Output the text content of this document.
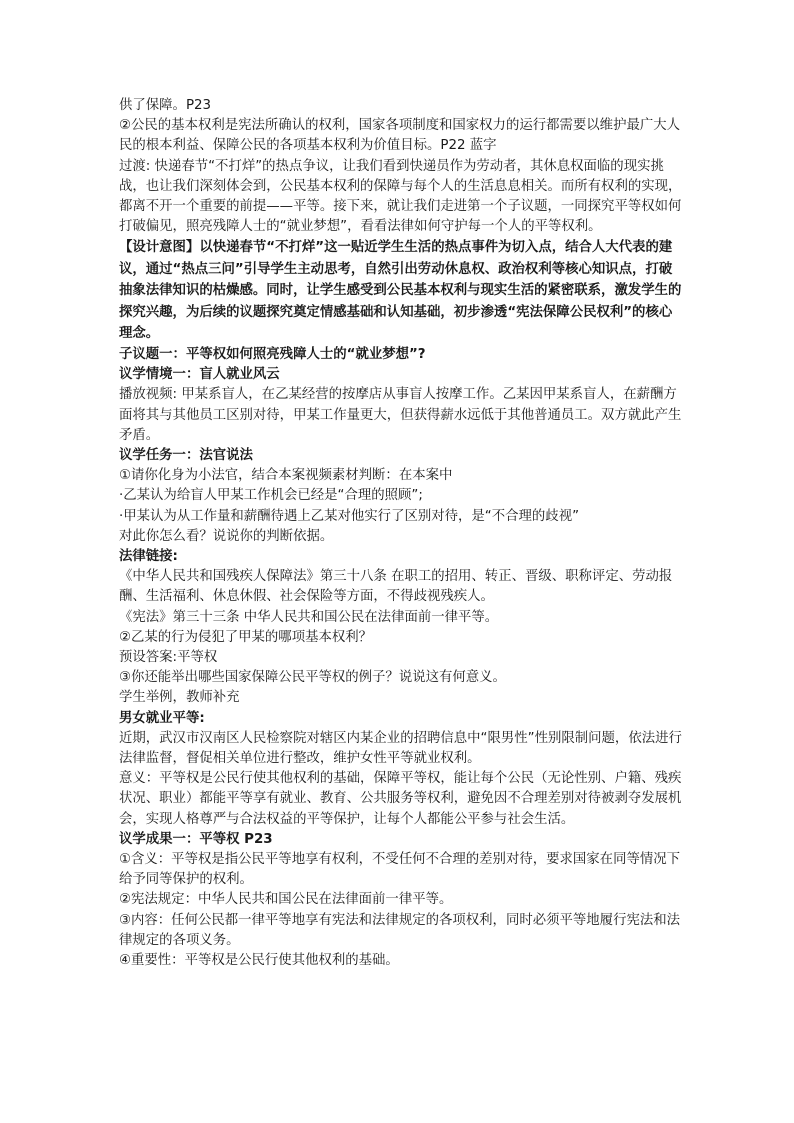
供了保障。P23

②公民的基本权利是宪法所确认的权利，国家各项制度和国家权力的运行都需要以维护最广大人民的根本利益、保障公民的各项基本权利为价值目标。P22 蓝字

过渡: 快递春节“不打烊”的热点争议，让我们看到快递员作为劳动者，其休息权面临的现实挑战，也让我们深刻体会到，公民基本权利的保障与每个人的生活息息相关。而所有权利的实现，都离不开一个重要的前提——平等。接下来，就让我们走进第一个子议题，一同探究平等权如何打破偏见，照亮残障人士的“就业梦想”，看看法律如何守护每一个人的平等权利。

【设计意图】以快递春节“不打烊”这一贴近学生生活的热点事件为切入点，结合人大代表的建议，通过“热点三问”引导学生主动思考，自然引出劳动休息权、政治权利等核心知识点，打破抽象法律知识的枯燥感。同时，让学生感受到公民基本权利与现实生活的紧密联系，激发学生的探究兴趣，为后续的议题探究奠定情感基础和认知基础，初步渗透“宪法保障公民权利”的核心理念。

子议题一：平等权如何照亮残障人士的“就业梦想”?

议学情境一：盲人就业风云

播放视频: 甲某系盲人，在乙某经营的按摩店从事盲人按摩工作。乙某因甲某系盲人，在薪酬方面将其与其他员工区别对待，甲某工作量更大，但获得薪水远低于其他普通员工。双方就此产生矛盾。

议学任务一：法官说法

①请你化身为小法官，结合本案视频素材判断：在本案中

·乙某认为给盲人甲某工作机会已经是“合理的照顾”;

·甲某认为从工作量和薪酬待遇上乙某对他实行了区别对待，是“不合理的歧视”

对此你怎么看？说说你的判断依据。

法律链接:

《中华人民共和国残疾人保障法》第三十八条 在职工的招用、转正、晋级、职称评定、劳动报酬、生活福利、休息休假、社会保险等方面，不得歧视残疾人。

《宪法》第三十三条 中华人民共和国公民在法律面前一律平等。

②乙某的行为侵犯了甲某的哪项基本权利？

预设答案:平等权

③你还能举出哪些国家保障公民平等权的例子？说说这有何意义。

学生举例，教师补充

男女就业平等:

近期，武汉市汉南区人民检察院对辖区内某企业的招聘信息中“限男性”性别限制问题，依法进行法律监督，督促相关单位进行整改，维护女性平等就业权利。

意义：平等权是公民行使其他权利的基础，保障平等权，能让每个公民（无论性别、户籍、残疾状况、职业）都能平等享有就业、教育、公共服务等权利，避免因不合理差别对待被剥夺发展机会，实现人格尊严与合法权益的平等保护，让每个人都能公平参与社会生活。

议学成果一：平等权 P23

①含义：平等权是指公民平等地享有权利，不受任何不合理的差别对待，要求国家在同等情况下给予同等保护的权利。

②宪法规定：中华人民共和国公民在法律面前一律平等。

③内容：任何公民都一律平等地享有宪法和法律规定的各项权利，同时必须平等地履行宪法和法律规定的各项义务。

④重要性：平等权是公民行使其他权利的基础。
